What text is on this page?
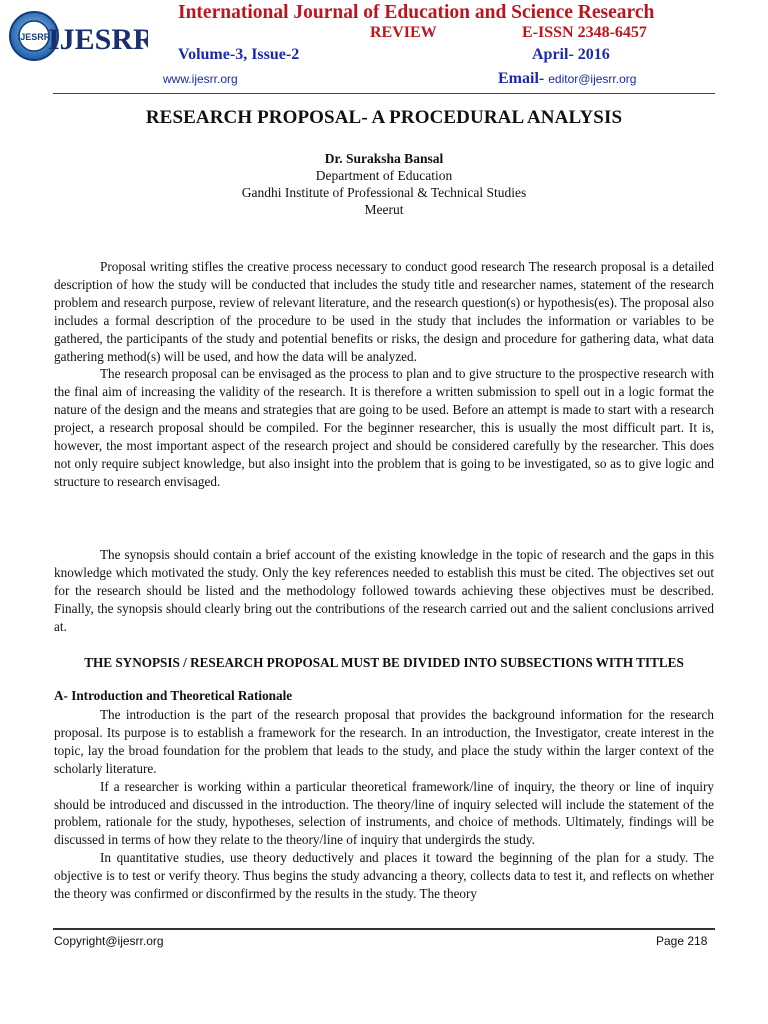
IJESRR
IJESRR
International Journal of Education and Science Research
REVIEW	E-ISSN 2348-6457
Volume-3, Issue-2	April- 2016
www.ijesrr.org	Email- editor@ijesrr.org
RESEARCH PROPOSAL- A PROCEDURAL ANALYSIS
Dr. Suraksha Bansal
Department of Education
Gandhi Institute of Professional & Technical Studies
Meerut

Proposal writing stifles the creative process necessary to conduct good research The research proposal is a detailed description of how the study will be conducted that includes the study title and researcher names, statement of the research problem and research purpose, review of relevant literature, and the research question(s) or hypothesis(es). The proposal also includes a formal description of the procedure to be used in the study that includes the information or variables to be gathered, the participants of the study and potential benefits or risks, the design and procedure for gathering data, what data gathering method(s) will be used, and how the data will be analyzed.

The research proposal can be envisaged as the process to plan and to give structure to the prospective research with the final aim of increasing the validity of the research. It is therefore a written submission to spell out in a logic format the nature of the design and the means and strategies that are going to be used. Before an attempt is made to start with a research project, a research proposal should be compiled. For the beginner researcher, this is usually the most difficult part. It is, however, the most important aspect of the research project and should be considered carefully by the researcher. This does not only require subject knowledge, but also insight into the problem that is going to be investigated, so as to give logic and structure to research envisaged.

The synopsis should contain a brief account of the existing knowledge in the topic of research and the gaps in this knowledge which motivated the study. Only the key references needed to establish this must be cited. The objectives set out for the research should be listed and the methodology followed towards achieving these objectives must be described. Finally, the synopsis should clearly bring out the contributions of the research carried out and the salient conclusions arrived at.

THE SYNOPSIS / RESEARCH PROPOSAL MUST BE DIVIDED INTO SUBSECTIONS WITH TITLES
A- Introduction and Theoretical Rationale

The introduction is the part of the research proposal that provides the background information for the research proposal. Its purpose is to establish a framework for the research. In an introduction, the Investigator, create interest in the topic, lay the broad foundation for the problem that leads to the study, and place the study within the larger context of the scholarly literature.

If a researcher is working within a particular theoretical framework/line of inquiry, the theory or line of inquiry should be introduced and discussed in the introduction. The theory/line of inquiry selected will include the statement of the problem, rationale for the study, hypotheses, selection of instruments, and choice of methods. Ultimately, findings will be discussed in terms of how they relate to the theory/line of inquiry that undergirds the study.

In quantitative studies, use theory deductively and places it toward the beginning of the plan for a study. The objective is to test or verify theory. Thus begins the study advancing a theory, collects data to test it, and reflects on whether the theory was confirmed or disconfirmed by the results in the study. The theory

Copyright@ijesrr.org	Page 218
